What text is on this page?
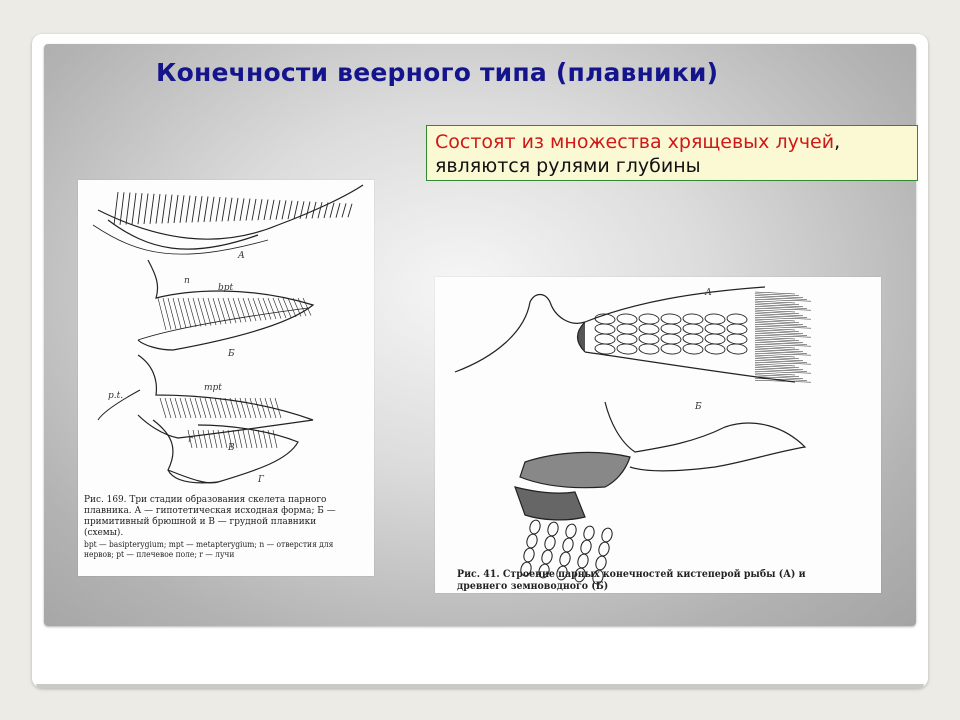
Конечности веерного типа (плавники)
Состоят из множества хрящевых лучей, являются рулями глубины
А
n
bpt
Б
p.t.
mpt
r
В
Г
Рис. 169. Три стадии образования скелета парного плавника. А — гипотетическая исходная форма; Б — примитивный брюшной и В — грудной плавники (схемы).
bpt — basipterygium; mpt — metapterygium; n — отверстия для нервов; pt — плечевое поле; r — лучи
А
Б
Рис. 41. Строение парных конечностей кистеперой рыбы (А) и древнего земноводного (Б)
